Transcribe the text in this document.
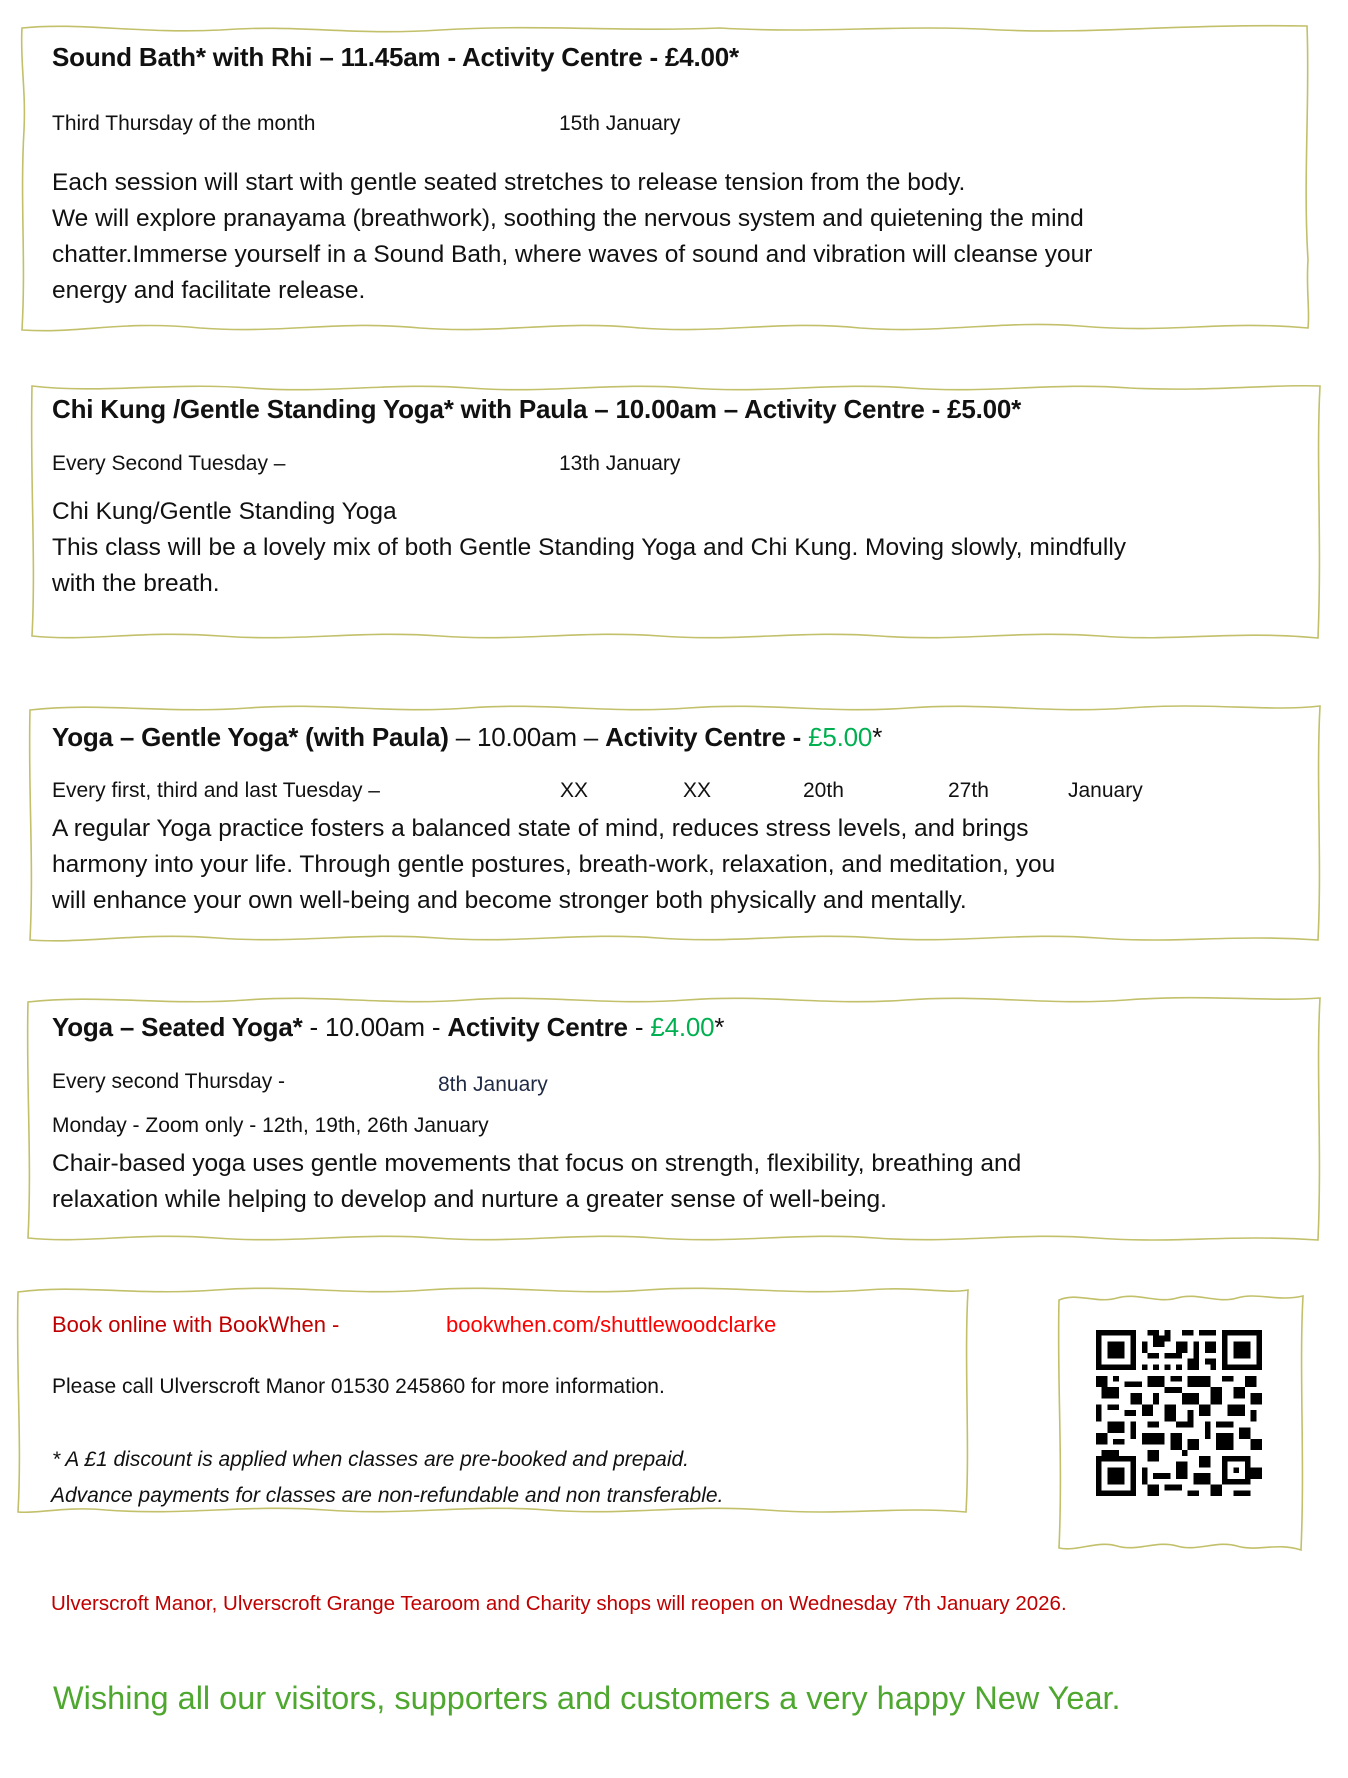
Sound Bath* with Rhi – 11.45am - Activity Centre - £4.00*
Third Thursday of the month	15th January
Each session will start with gentle seated stretches to release tension from the body.
We will explore pranayama (breathwork), soothing the nervous system and quietening the mind
chatter.Immerse yourself in a Sound Bath, where waves of sound and vibration will cleanse your
energy and facilitate release.
Chi Kung /Gentle Standing Yoga* with Paula – 10.00am – Activity Centre - £5.00*
Every Second Tuesday –	13th January
Chi Kung/Gentle Standing Yoga
This class will be a lovely mix of both Gentle Standing Yoga and Chi Kung. Moving slowly, mindfully
with the breath.
Yoga – Gentle Yoga* (with Paula) – 10.00am – Activity Centre - £5.00*
Every first, third and last Tuesday –	XX	XX	20th	27th	January
A regular Yoga practice fosters a balanced state of mind, reduces stress levels, and brings
harmony into your life. Through gentle postures, breath-work, relaxation, and meditation, you
will enhance your own well-being and become stronger both physically and mentally.
Yoga – Seated Yoga* - 10.00am - Activity Centre - £4.00*
Every second Thursday -	8th January
Monday - Zoom only - 12th, 19th, 26th January
Chair-based yoga uses gentle movements that focus on strength, flexibility, breathing and
relaxation while helping to develop and nurture a greater sense of well-being.
Book online with BookWhen -	bookwhen.com/shuttlewoodclarke
Please call Ulverscroft Manor 01530 245860 for more information.
* A £1 discount is applied when classes are pre-booked and prepaid.
Advance payments for classes are non-refundable and non transferable.
Ulverscroft Manor, Ulverscroft Grange Tearoom and Charity shops will reopen on Wednesday 7th January 2026.
Wishing all our visitors, supporters and customers a very happy New Year.
